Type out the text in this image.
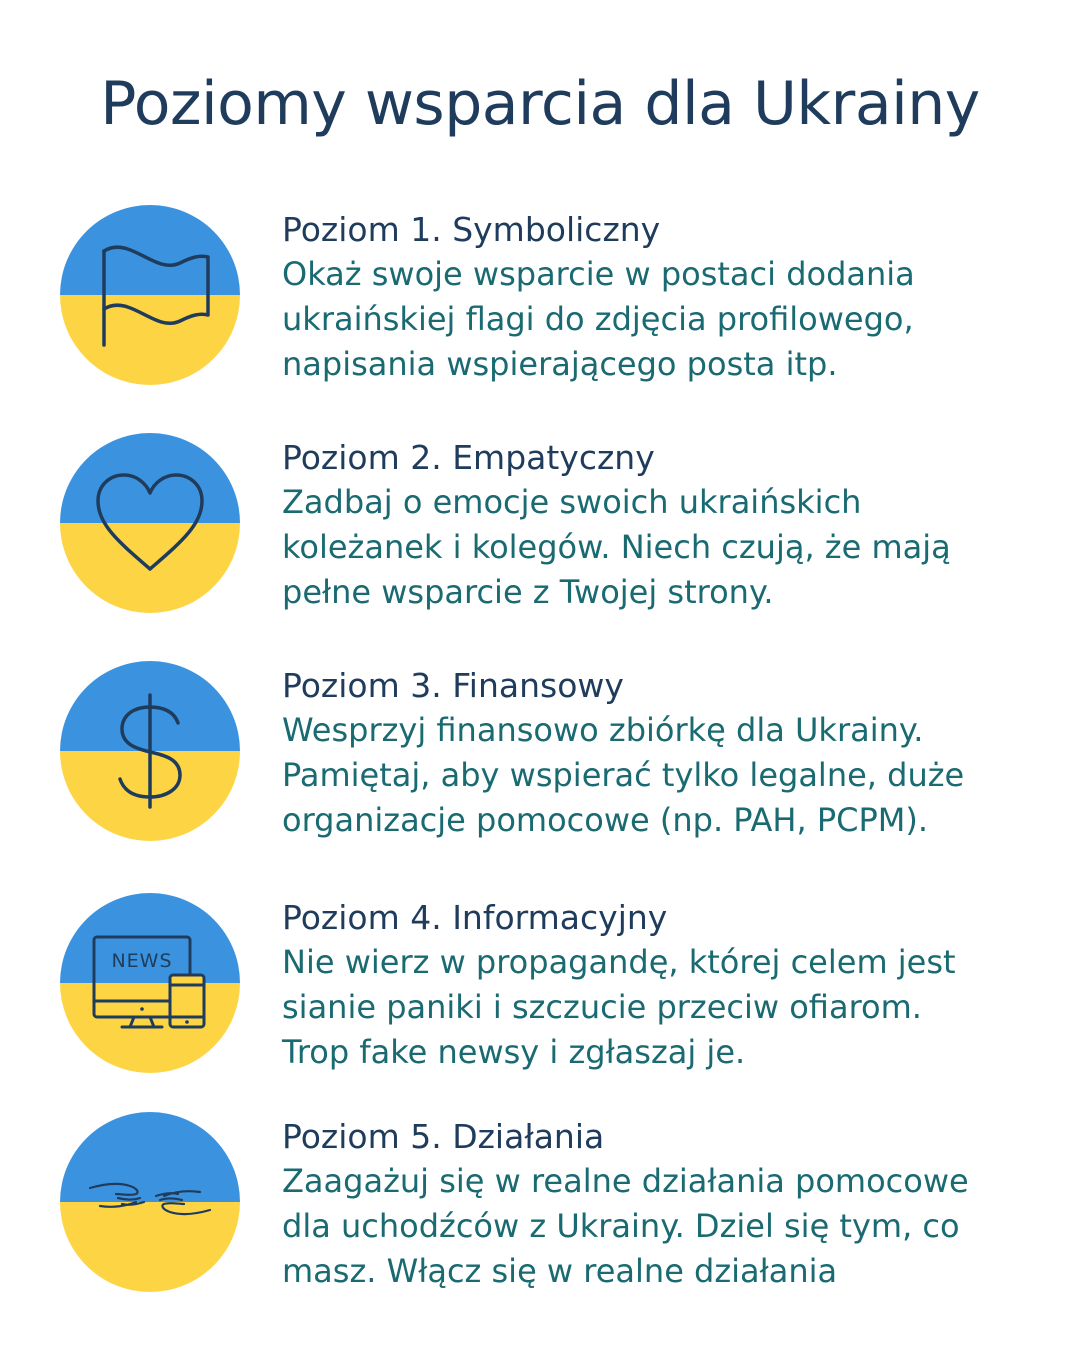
Poziomy wsparcia dla Ukrainy
Poziom 1. Symboliczny
Okaż swoje wsparcie w postaci dodania
ukraińskiej flagi do zdjęcia profilowego,
napisania wspierającego posta itp.
Poziom 2. Empatyczny
Zadbaj o emocje swoich ukraińskich
koleżanek i kolegów. Niech czują, że mają
pełne wsparcie z Twojej strony.
Poziom 3. Finansowy
Wesprzyj finansowo zbiórkę dla Ukrainy.
Pamiętaj, aby wspierać tylko legalne, duże
organizacje pomocowe (np. PAH, PCPM).
NEWS
Poziom 4. Informacyjny
Nie wierz w propagandę, której celem jest
sianie paniki i szczucie przeciw ofiarom.
Trop fake newsy i zgłaszaj je.
Poziom 5. Działania
Zaagażuj się w realne działania pomocowe
dla uchodźców z Ukrainy. Dziel się tym, co
masz. Włącz się w realne działania
